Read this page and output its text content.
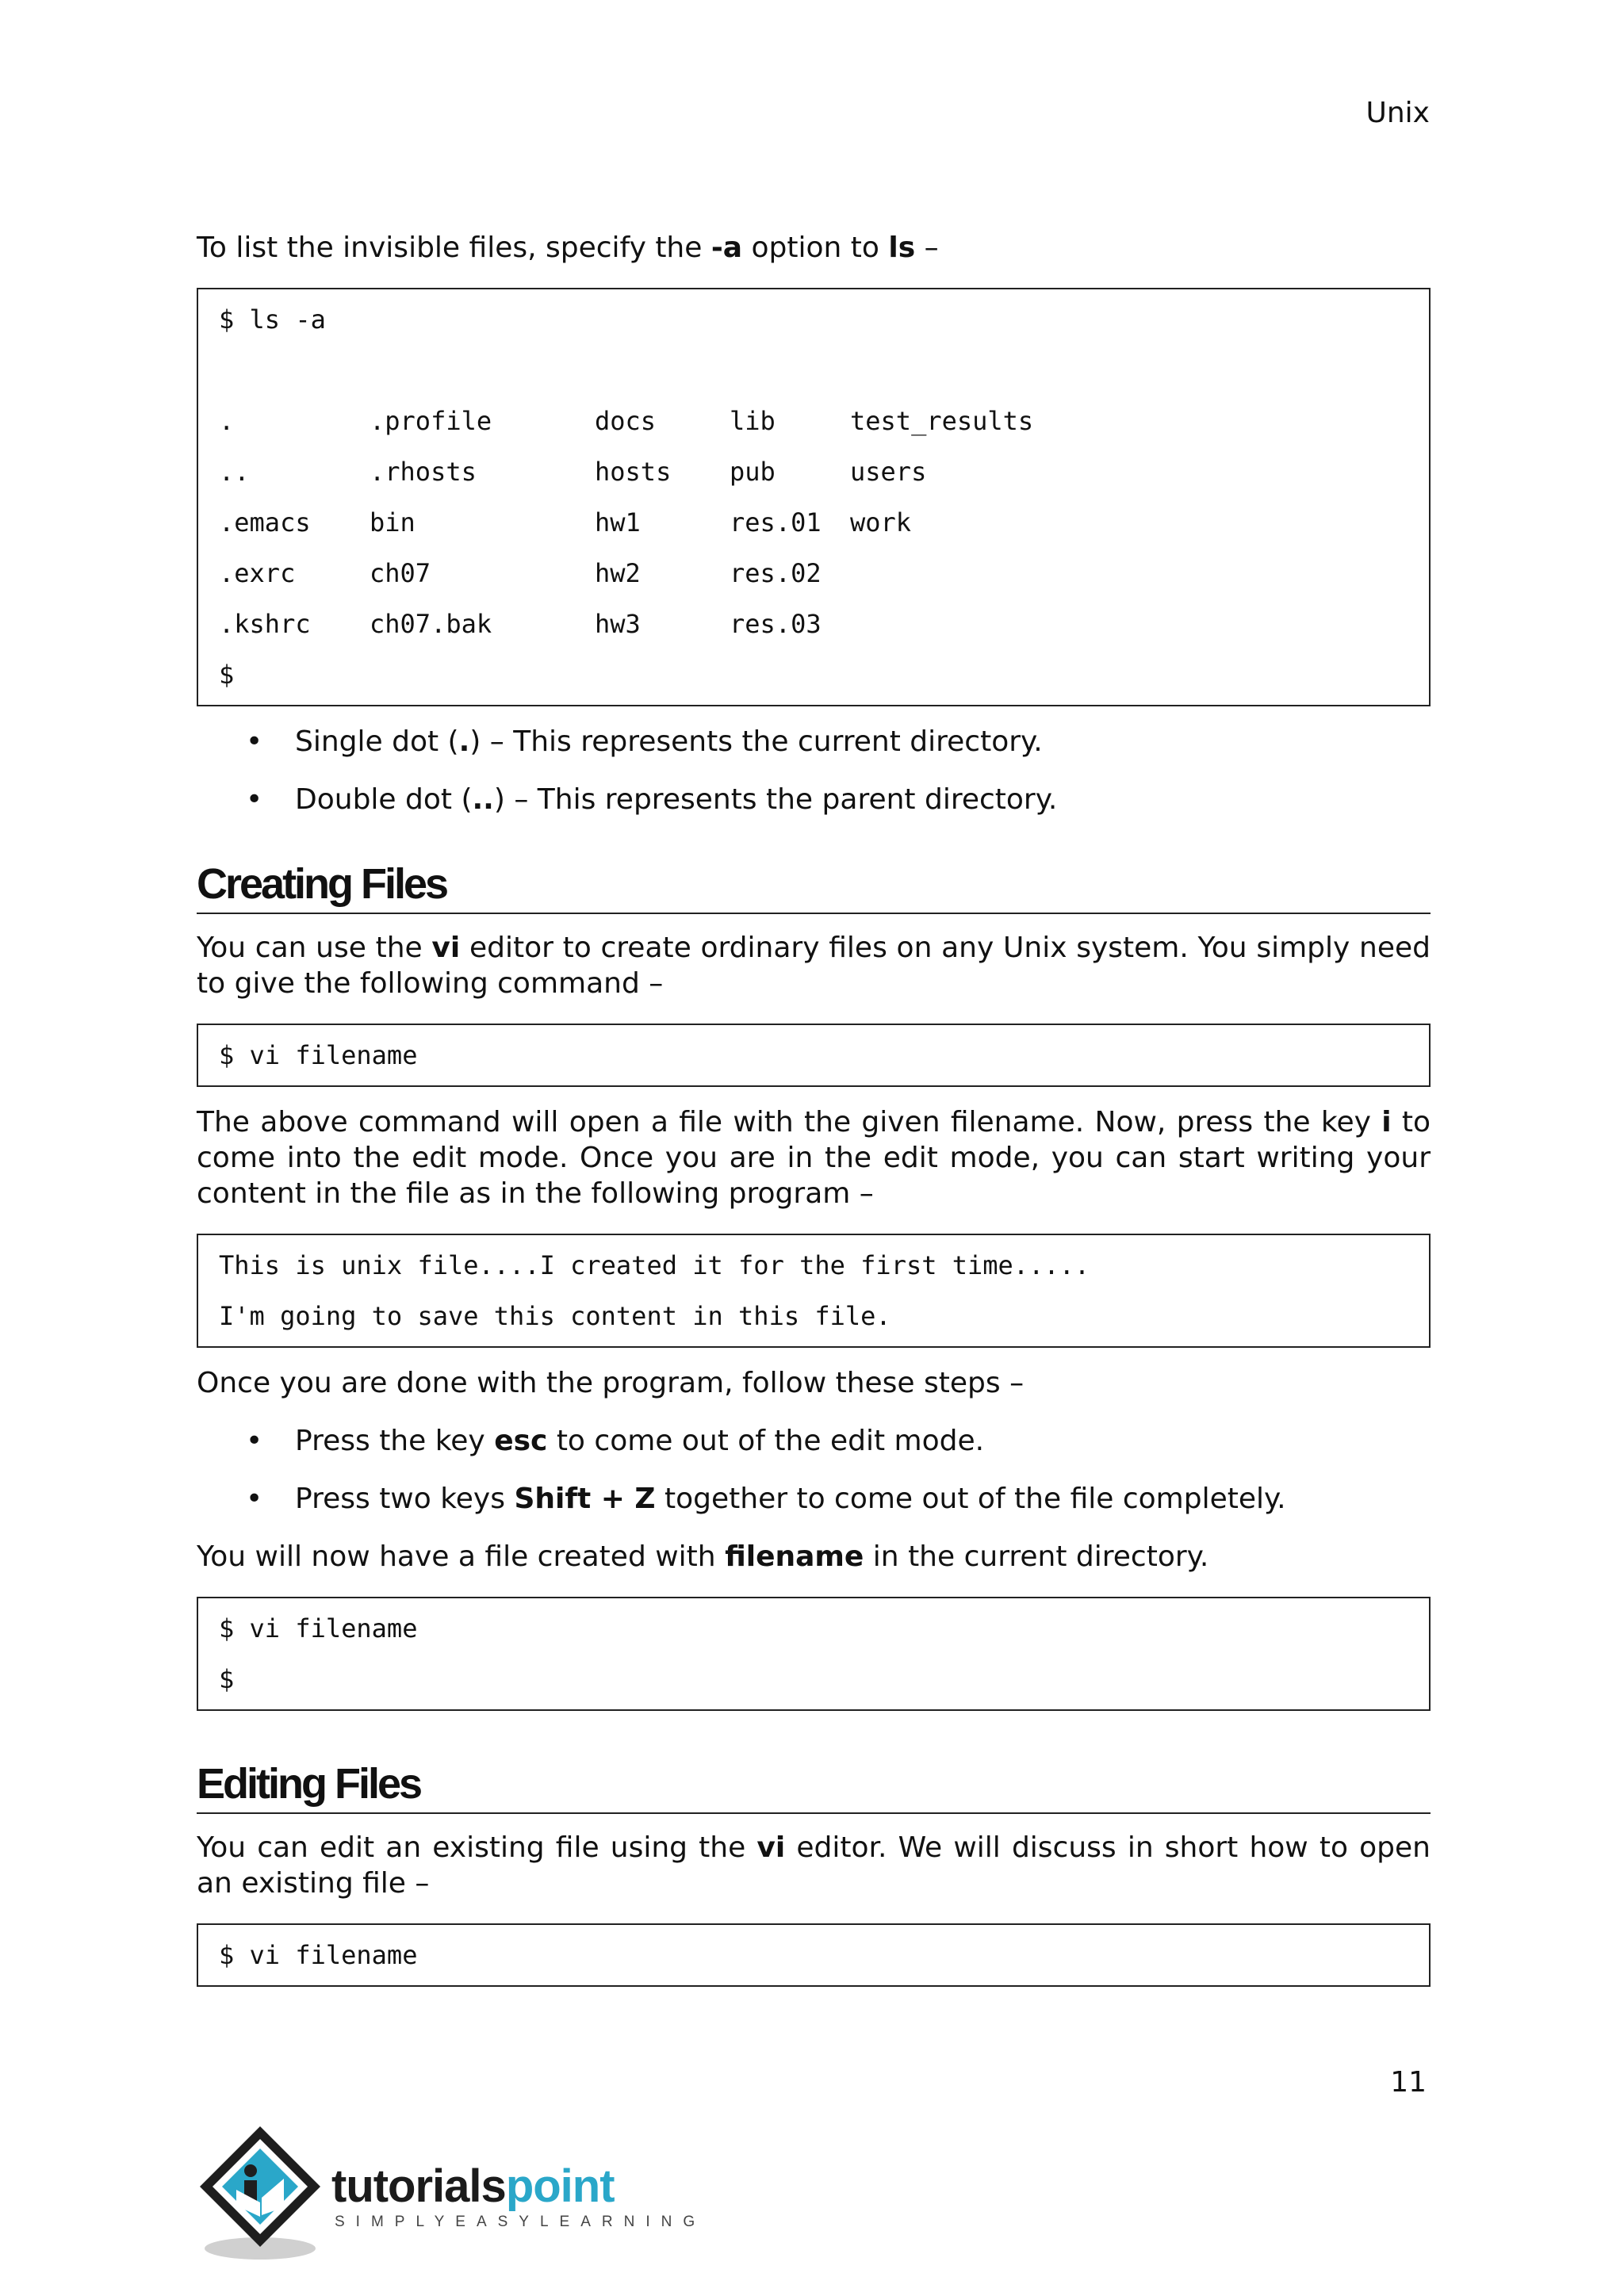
Unix

To list the invisible files, specify the -a option to ls –

$ ls -a
.	.profile	docs	lib	test_results
..	.rhosts	hosts	pub	users
.emacs	bin	hw1	res.01	work
.exrc	ch07	hw2	res.02
.kshrc	ch07.bak	hw3	res.03
$
• Single dot (.) – This represents the current directory.
• Double dot (..) – This represents the parent directory.
Creating Files

You can use the vi editor to create ordinary files on any Unix system. You simply need to give the following command –

$ vi filename

The above command will open a file with the given filename. Now, press the key i to come into the edit mode. Once you are in the edit mode, you can start writing your content in the file as in the following program –

This is unix file....I created it for the first time.....
I'm going to save this content in this file.

Once you are done with the program, follow these steps –

• Press the key esc to come out of the edit mode.
• Press two keys Shift + Z together to come out of the file completely.

You will now have a file created with filename in the current directory.

$ vi filename
$
Editing Files

You can edit an existing file using the vi editor. We will discuss in short how to open an existing file –

$ vi filename
11
tutorialspoint
SIMPLYEASYLEARNING
